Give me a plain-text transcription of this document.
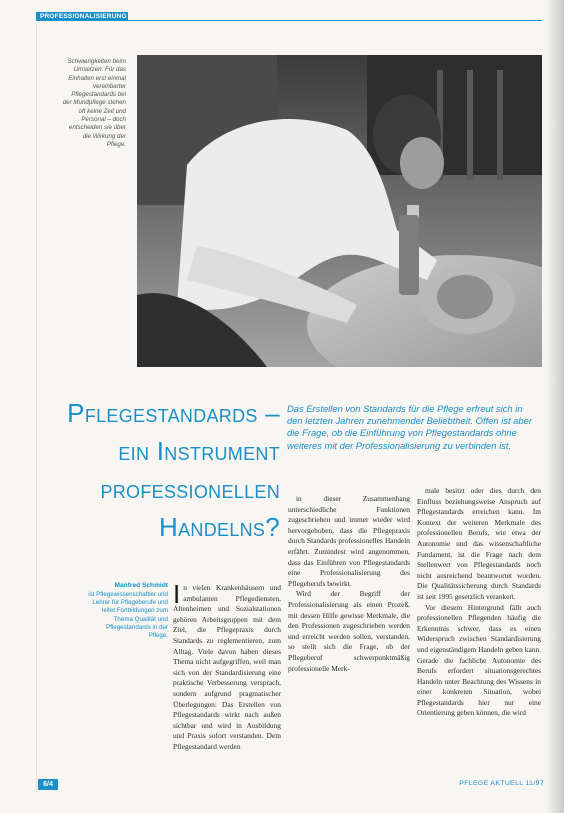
PROFESSIONALISIERUNG
Schwierigkeiten beim Umsetzen: Für das Einhalten erst einmal vereinbarter Pflegestandards bei der Mundpflege stehen oft keine Zeit und Personal – doch entscheiden sie über die Wirkung der Pflege.
Pflegestandards –
ein Instrument
professionellen
Handelns?
Das Erstellen von Standards für die Pflege erfreut sich in den letzten Jahren zunehmender Beliebtheit. Offen ist aber die Frage, ob die Einführung von Pflegestandards ohne weiteres mit der Professionalisierung zu verbinden ist.
Manfred Schmidt
ist Pflegewissenschaftler und Lehrer für Pflegeberufe und leitet Fortbildungen zum Thema Qualität und Pflegestandards in der Pflege.
I n vielen Krankenhäusern und ambulanten Pflegediensten, Altenheimen und Sozialstationen gehören Arbeitsgruppen mit dem Ziel, die Pflegepraxis durch Standards zu reglementieren, zum Alltag. Viele davon haben dieses Thema nicht aufgegriffen, weil man sich von der Standardisierung eine praktische Verbesserung versprach, sondern aufgrund pragmatischer Überlegungen: Das Erstellen von Pflegestandards wirkt nach außen sichtbar und wird in Ausbildung und Praxis sofort verstanden. Dem Pflegestandard werden

in dieser Zusammenhang unterschiedliche Funktionen zugeschrieben und immer wieder wird hervorgehoben, dass die Pflegepraxis durch Standards professionelles Handeln erfährt. Zumindest wird angenommen, dass das Einführen von Pflegestandards eine Professionalisierung des Pflegeberufs bewirkt.

Wird der Begriff der Professionalisierung als einen Prozeß, mit dessen Hilfe gewisse Merkmale, die den Professionen zugeschrieben werden und erreicht werden sollen, verstanden, so stellt sich die Frage, ob der Pflegeberuf schwerpunktmäßig professionelle Merk-

male besitzt oder dies durch den Einfluss beziehungsweise Anspruch auf Pflegestandards erreichen kann. Im Kontext der weiteren Merkmale des professionellen Berufs, wie etwa der Autonomie und das wissenschaftliche Fundament, ist die Frage nach dem Stellenwert von Pflegestandards noch nicht ausreichend beantwortet worden. Die Qualitätssicherung durch Standards ist seit 1995 gesetzlich verankert.

Vor diesem Hintergrund fällt auch professionellen Pflegenden häufig die Erkenntnis schwer, dass es einen Widerspruch zwischen Standardisierung und eigenständigem Handeln geben kann. Gerade die fachliche Autonomie des Berufs erfordert situationsgerechtes Handeln unter Beachtung des Wissens in einer konkreten Situation, wobei Pflegestandards hier nur eine Orientierung geben können, die wird

6/4	PFLEGE AKTUELL 11/97
